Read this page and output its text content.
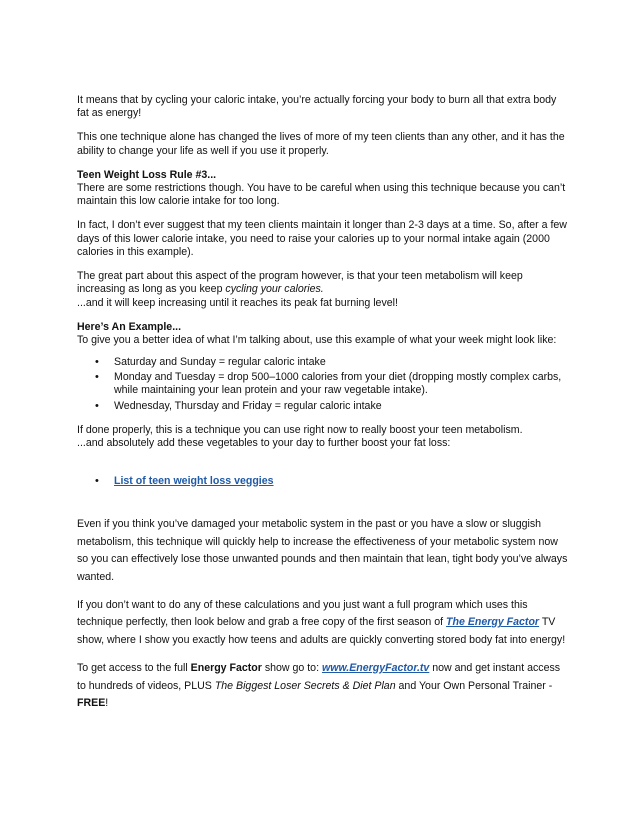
It means that by cycling your caloric intake, you’re actually forcing your body to burn all that extra body fat as energy!

This one technique alone has changed the lives of more of my teen clients than any other, and it has the ability to change your life as well if you use it properly.

Teen Weight Loss Rule #3...
There are some restrictions though. You have to be careful when using this technique because you can’t maintain this low calorie intake for too long.

In fact, I don’t ever suggest that my teen clients maintain it longer than 2-3 days at a time. So, after a few days of this lower calorie intake, you need to raise your calories up to your normal intake again (2000 calories in this example).

The great part about this aspect of the program however, is that your teen metabolism will keep increasing as long as you keep cycling your calories.
...and it will keep increasing until it reaches its peak fat burning level!

Here’s An Example...
To give you a better idea of what I’m talking about, use this example of what your week might look like:

• Saturday and Sunday = regular caloric intake
• Monday and Tuesday = drop 500–1000 calories from your diet (dropping mostly complex carbs, while maintaining your lean protein and your raw vegetable intake).
• Wednesday, Thursday and Friday = regular caloric intake

If done properly, this is a technique you can use right now to really boost your teen metabolism.
...and absolutely add these vegetables to your day to further boost your fat loss:

• List of teen weight loss veggies

Even if you think you’ve damaged your metabolic system in the past or you have a slow or sluggish metabolism, this technique will quickly help to increase the effectiveness of your metabolic system now so you can effectively lose those unwanted pounds and then maintain that lean, tight body you’ve always wanted.

If you don’t want to do any of these calculations and you just want a full program which uses this technique perfectly, then look below and grab a free copy of the first season of The Energy Factor TV show, where I show you exactly how teens and adults are quickly converting stored body fat into energy!

To get access to the full Energy Factor show go to: www.EnergyFactor.tv now and get instant access to hundreds of videos, PLUS The Biggest Loser Secrets & Diet Plan and Your Own Personal Trainer - FREE!
